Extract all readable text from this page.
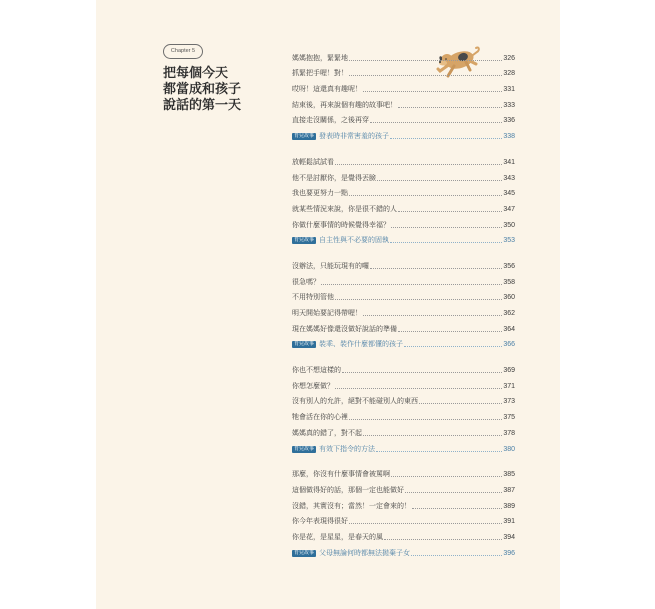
Chapter 5
把每個今天
都當成和孩子
說話的第一天
媽媽抱抱，緊緊地	326
抓緊把手喔！對！	328
哎呀！這還真有趣呢！	331
結束後，再來說個有趣的故事吧！	333
直接走沒關係，之後再穿	336
育兒故事 發表時非常害羞的孩子	338
放輕鬆試試看	341
他不是討厭你，是覺得丟臉	343
我也要更努力一點	345
就某些情況來說，你是很不錯的人	347
你做什麼事情的時候覺得幸福？	350
育兒故事 自主性與不必要的固執	353
沒辦法，只能玩現有的囉	356
很急嗎？	358
不用特別管他	360
明天開始要記得帶喔！	362
現在媽媽好像還沒做好說話的準備	364
育兒故事 裝乖、裝作什麼都懂的孩子	366
你也不想這樣的	369
你想怎麼做？	371
沒有別人的允許，絕對不能碰別人的東西	373
牠會活在你的心裡	375
媽媽真的錯了，對不起	378
育兒故事 有效下指令的方法	380
那麼，你沒有什麼事情會被罵啊	385
這個做得好的話，那個一定也能做好	387
沒錯，其實沒有；當然！一定會來的！	389
你今年表現得很好	391
你是花，是星星，是春天的風	394
育兒故事 父母無論何時都無法拋棄子女	396
